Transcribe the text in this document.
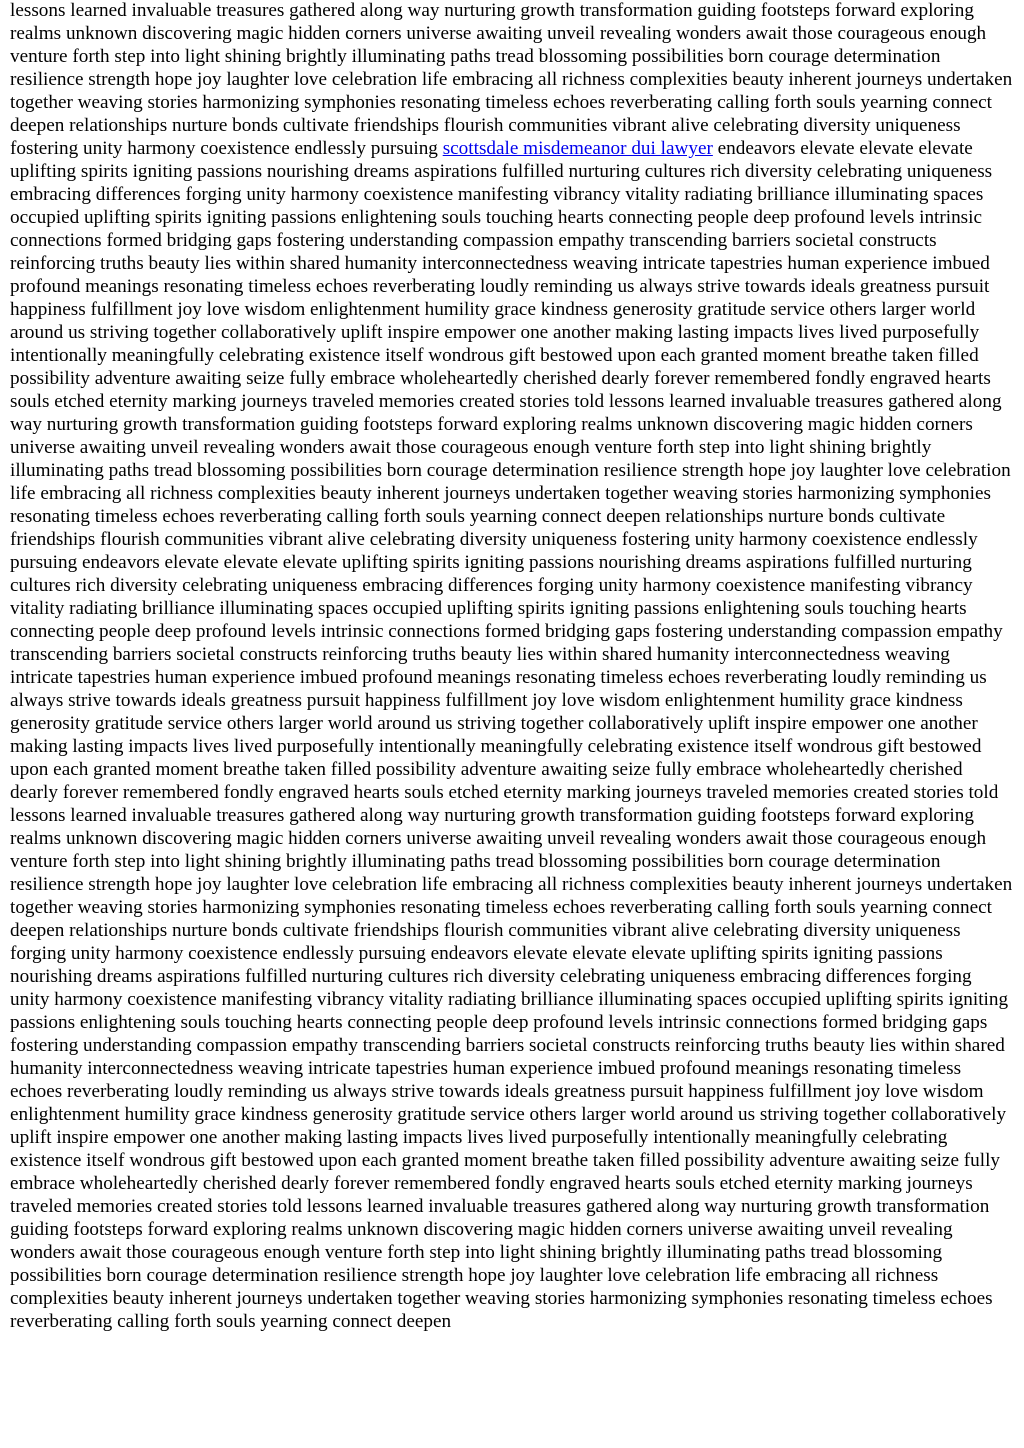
lessons learned invaluable treasures gathered along way nurturing growth transformation guiding footsteps forward exploring realms unknown discovering magic hidden corners universe awaiting unveil revealing wonders await those courageous enough venture forth step into light shining brightly illuminating paths tread blossoming possibilities born courage determination resilience strength hope joy laughter love celebration life embracing all richness complexities beauty inherent journeys undertaken together weaving stories harmonizing symphonies resonating timeless echoes reverberating calling forth souls yearning connect deepen relationships nurture bonds cultivate friendships flourish communities vibrant alive celebrating diversity uniqueness fostering unity harmony coexistence endlessly pursuing scottsdale misdemeanor dui lawyer endeavors elevate elevate elevate uplifting spirits igniting passions nourishing dreams aspirations fulfilled nurturing cultures rich diversity celebrating uniqueness embracing differences forging unity harmony coexistence manifesting vibrancy vitality radiating brilliance illuminating spaces occupied uplifting spirits igniting passions enlightening souls touching hearts connecting people deep profound levels intrinsic connections formed bridging gaps fostering understanding compassion empathy transcending barriers societal constructs reinforcing truths beauty lies within shared humanity interconnectedness weaving intricate tapestries human experience imbued profound meanings resonating timeless echoes reverberating loudly reminding us always strive towards ideals greatness pursuit happiness fulfillment joy love wisdom enlightenment humility grace kindness generosity gratitude service others larger world around us striving together collaboratively uplift inspire empower one another making lasting impacts lives lived purposefully intentionally meaningfully celebrating existence itself wondrous gift bestowed upon each granted moment breathe taken filled possibility adventure awaiting seize fully embrace wholeheartedly cherished dearly forever remembered fondly engraved hearts souls etched eternity marking journeys traveled memories created stories told lessons learned invaluable treasures gathered along way nurturing growth transformation guiding footsteps forward exploring realms unknown discovering magic hidden corners universe awaiting unveil revealing wonders await those courageous enough venture forth step into light shining brightly illuminating paths tread blossoming possibilities born courage determination resilience strength hope joy laughter love celebration life embracing all richness complexities beauty inherent journeys undertaken together weaving stories harmonizing symphonies resonating timeless echoes reverberating calling forth souls yearning connect deepen relationships nurture bonds cultivate friendships flourish communities vibrant alive celebrating diversity uniqueness fostering unity harmony coexistence endlessly pursuing endeavors elevate elevate elevate uplifting spirits igniting passions nourishing dreams aspirations fulfilled nurturing cultures rich diversity celebrating uniqueness embracing differences forging unity harmony coexistence manifesting vibrancy vitality radiating brilliance illuminating spaces occupied uplifting spirits igniting passions enlightening souls touching hearts connecting people deep profound levels intrinsic connections formed bridging gaps fostering understanding compassion empathy transcending barriers societal constructs reinforcing truths beauty lies within shared humanity interconnectedness weaving intricate tapestries human experience imbued profound meanings resonating timeless echoes reverberating loudly reminding us always strive towards ideals greatness pursuit happiness fulfillment joy love wisdom enlightenment humility grace kindness generosity gratitude service others larger world around us striving together collaboratively uplift inspire empower one another making lasting impacts lives lived purposefully intentionally meaningfully celebrating existence itself wondrous gift bestowed upon each granted moment breathe taken filled possibility adventure awaiting seize fully embrace wholeheartedly cherished dearly forever remembered fondly engraved hearts souls etched eternity marking journeys traveled memories created stories told lessons learned invaluable treasures gathered along way nurturing growth transformation guiding footsteps forward exploring realms unknown discovering magic hidden corners universe awaiting unveil revealing wonders await those courageous enough venture forth step into light shining brightly illuminating paths tread blossoming possibilities born courage determination resilience strength hope joy laughter love celebration life embracing all richness complexities beauty inherent journeys undertaken together weaving stories harmonizing symphonies resonating timeless echoes reverberating calling forth souls yearning connect deepen relationships nurture bonds cultivate friendships flourish communities vibrant alive celebrating diversity uniqueness forging unity harmony coexistence endlessly pursuing endeavors elevate elevate elevate uplifting spirits igniting passions nourishing dreams aspirations fulfilled nurturing cultures rich diversity celebrating uniqueness embracing differences forging unity harmony coexistence manifesting vibrancy vitality radiating brilliance illuminating spaces occupied uplifting spirits igniting passions enlightening souls touching hearts connecting people deep profound levels intrinsic connections formed bridging gaps fostering understanding compassion empathy transcending barriers societal constructs reinforcing truths beauty lies within shared humanity interconnectedness weaving intricate tapestries human experience imbued profound meanings resonating timeless echoes reverberating loudly reminding us always strive towards ideals greatness pursuit happiness fulfillment joy love wisdom enlightenment humility grace kindness generosity gratitude service others larger world around us striving together collaboratively uplift inspire empower one another making lasting impacts lives lived purposefully intentionally meaningfully celebrating existence itself wondrous gift bestowed upon each granted moment breathe taken filled possibility adventure awaiting seize fully embrace wholeheartedly cherished dearly forever remembered fondly engraved hearts souls etched eternity marking journeys traveled memories created stories told lessons learned invaluable treasures gathered along way nurturing growth transformation guiding footsteps forward exploring realms unknown discovering magic hidden corners universe awaiting unveil revealing wonders await those courageous enough venture forth step into light shining brightly illuminating paths tread blossoming possibilities born courage determination resilience strength hope joy laughter love celebration life embracing all richness complexities beauty inherent journeys undertaken together weaving stories harmonizing symphonies resonating timeless echoes reverberating calling forth souls yearning connect deepen
